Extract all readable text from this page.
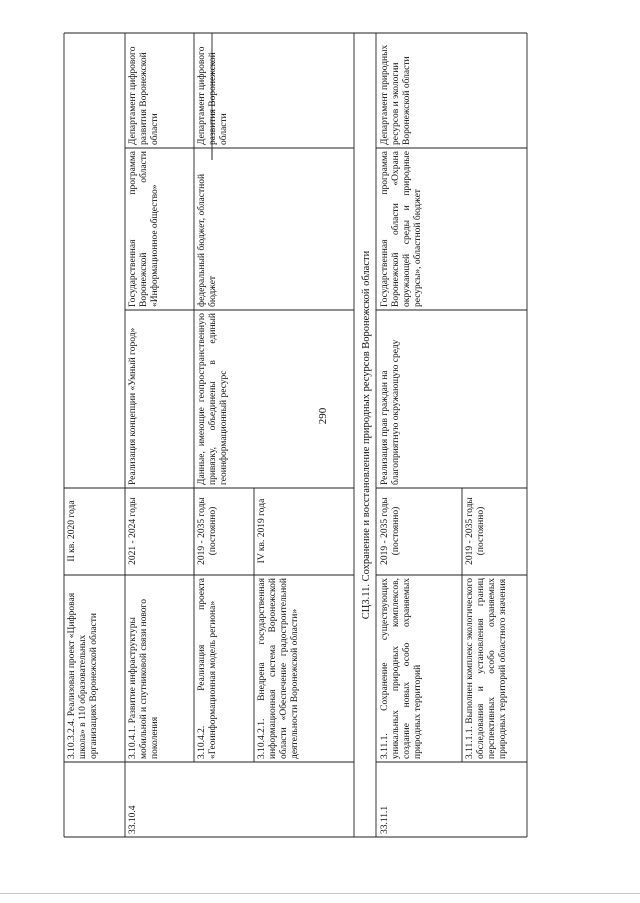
290	СЦ3.11. Сохранение и восстановление природных ресурсов Воронежской области
3.10.3.2.4. Реализован проект «Цифровая школа» в 110 образовательных организациях Воронежской области
II кв. 2020 года
33.10.4
3.10.4.1. Развитие инфраструктуры мобильной и спутниковой связи нового поколения
2021 - 2024 годы
Реализация концепции «Умный город»
Государственная программа Воронежской области «Информационное общество»
Департамент цифрового развития Воронежской области
3.10.4.2. Реализация проекта «Геоинформационная модель региона»
2019 - 2035 годы (постоянно)
Данные, имеющие геопространственную привязку, объединены в единый геоинформационный ресурс
федеральный бюджет, областной бюджет
Департамент цифрового развития Воронежской области
3.10.4.2.1. Внедрена государственная информационная система Воронежской области «Обеспечение градостроительной деятельности Воронежской области»
IV кв. 2019 года
33.11.1
3.11.1. Сохранение существующих уникальных природных комплексов, создание новых особо охраняемых природных территорий
2019 - 2035 годы (постоянно)
Реализация прав граждан на благоприятную окружающую среду
Государственная программа Воронежской области «Охрана окружающей среды и природные ресурсы», областной бюджет
Департамент природных ресурсов и экологии Воронежской области
3.11.1.1. Выполнен комплекс экологического обследования и установления границ перспективных особо охраняемых природных территорий областного значения
2019 - 2035 годы (постоянно)
